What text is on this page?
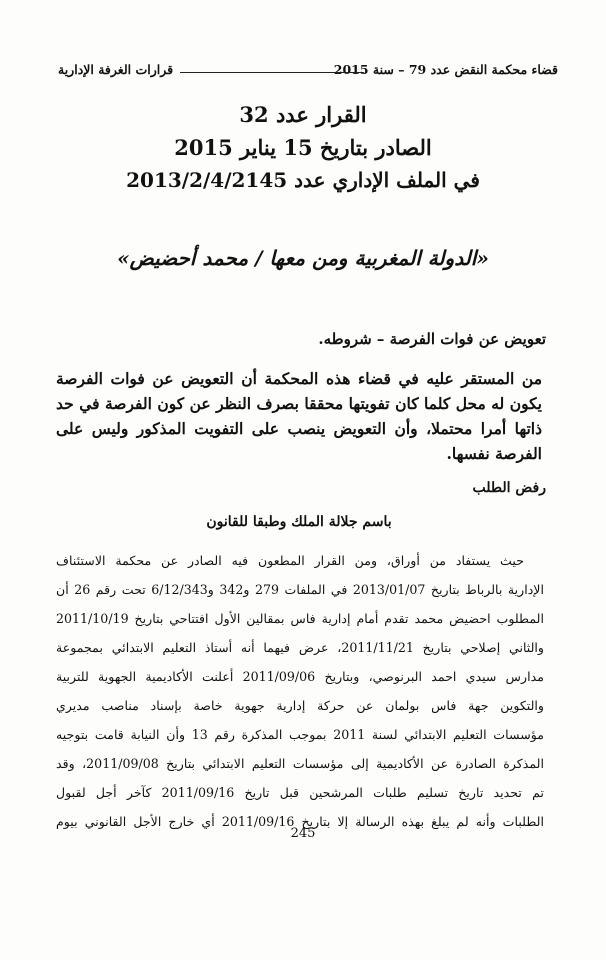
قضاء محكمة النقض عدد 79 – سنة 2015
قرارات الغرفة الإدارية
القرار عدد 32
الصادر بتاريخ 15 يناير 2015
في الملف الإداري عدد 2013/2/4/2145
«الدولة المغربية ومن معها / محمد أحضيض»
تعويض عن فوات الفرصة – شروطه.
من المستقر عليه في قضاء هذه المحكمة أن التعويض عن فوات الفرصة
يكون له محل كلما كان تفويتها محققا بصرف النظر عن كون الفرصة في حد
ذاتها أمرا محتملا، وأن التعويض ينصب على التفويت المذكور وليس على
الفرصة نفسها.
رفض الطلب
باسم جلالة الملك وطبقا للقانون
حيث يستفاد من أوراق، ومن القرار المطعون فيه الصادر عن محكمة الاستئناف
الإدارية بالرباط بتاريخ 2013/01/07 في الملفات 279 و342 و6/12/343 تحت رقم 26 أن
المطلوب احضيض محمد تقدم أمام إدارية فاس بمقالين الأول افتتاحي بتاريخ 2011/10/19
والثاني إصلاحي بتاريخ 2011/11/21، عرض فيهما أنه أستاذ التعليم الابتدائي بمجموعة
مدارس سيدي احمد البرنوصي، وبتاريخ 2011/09/06 أعلنت الأكاديمية الجهوية للتربية
والتكوين جهة فاس بولمان عن حركة إدارية جهوية خاصة بإسناد مناصب مديري
مؤسسات التعليم الابتدائي لسنة 2011 بموجب المذكرة رقم 13 وأن النيابة قامت بتوجيه
المذكرة الصادرة عن الأكاديمية إلى مؤسسات التعليم الابتدائي بتاريخ 2011/09/08، وقد
تم تحديد تاريخ تسليم طلبات المرشحين قبل تاريخ 2011/09/16 كآخر أجل لقبول
الطلبات وأنه لم يبلغ بهذه الرسالة إلا بتاريخ 2011/09/16 أي خارج الأجل القانوني بيوم
245
